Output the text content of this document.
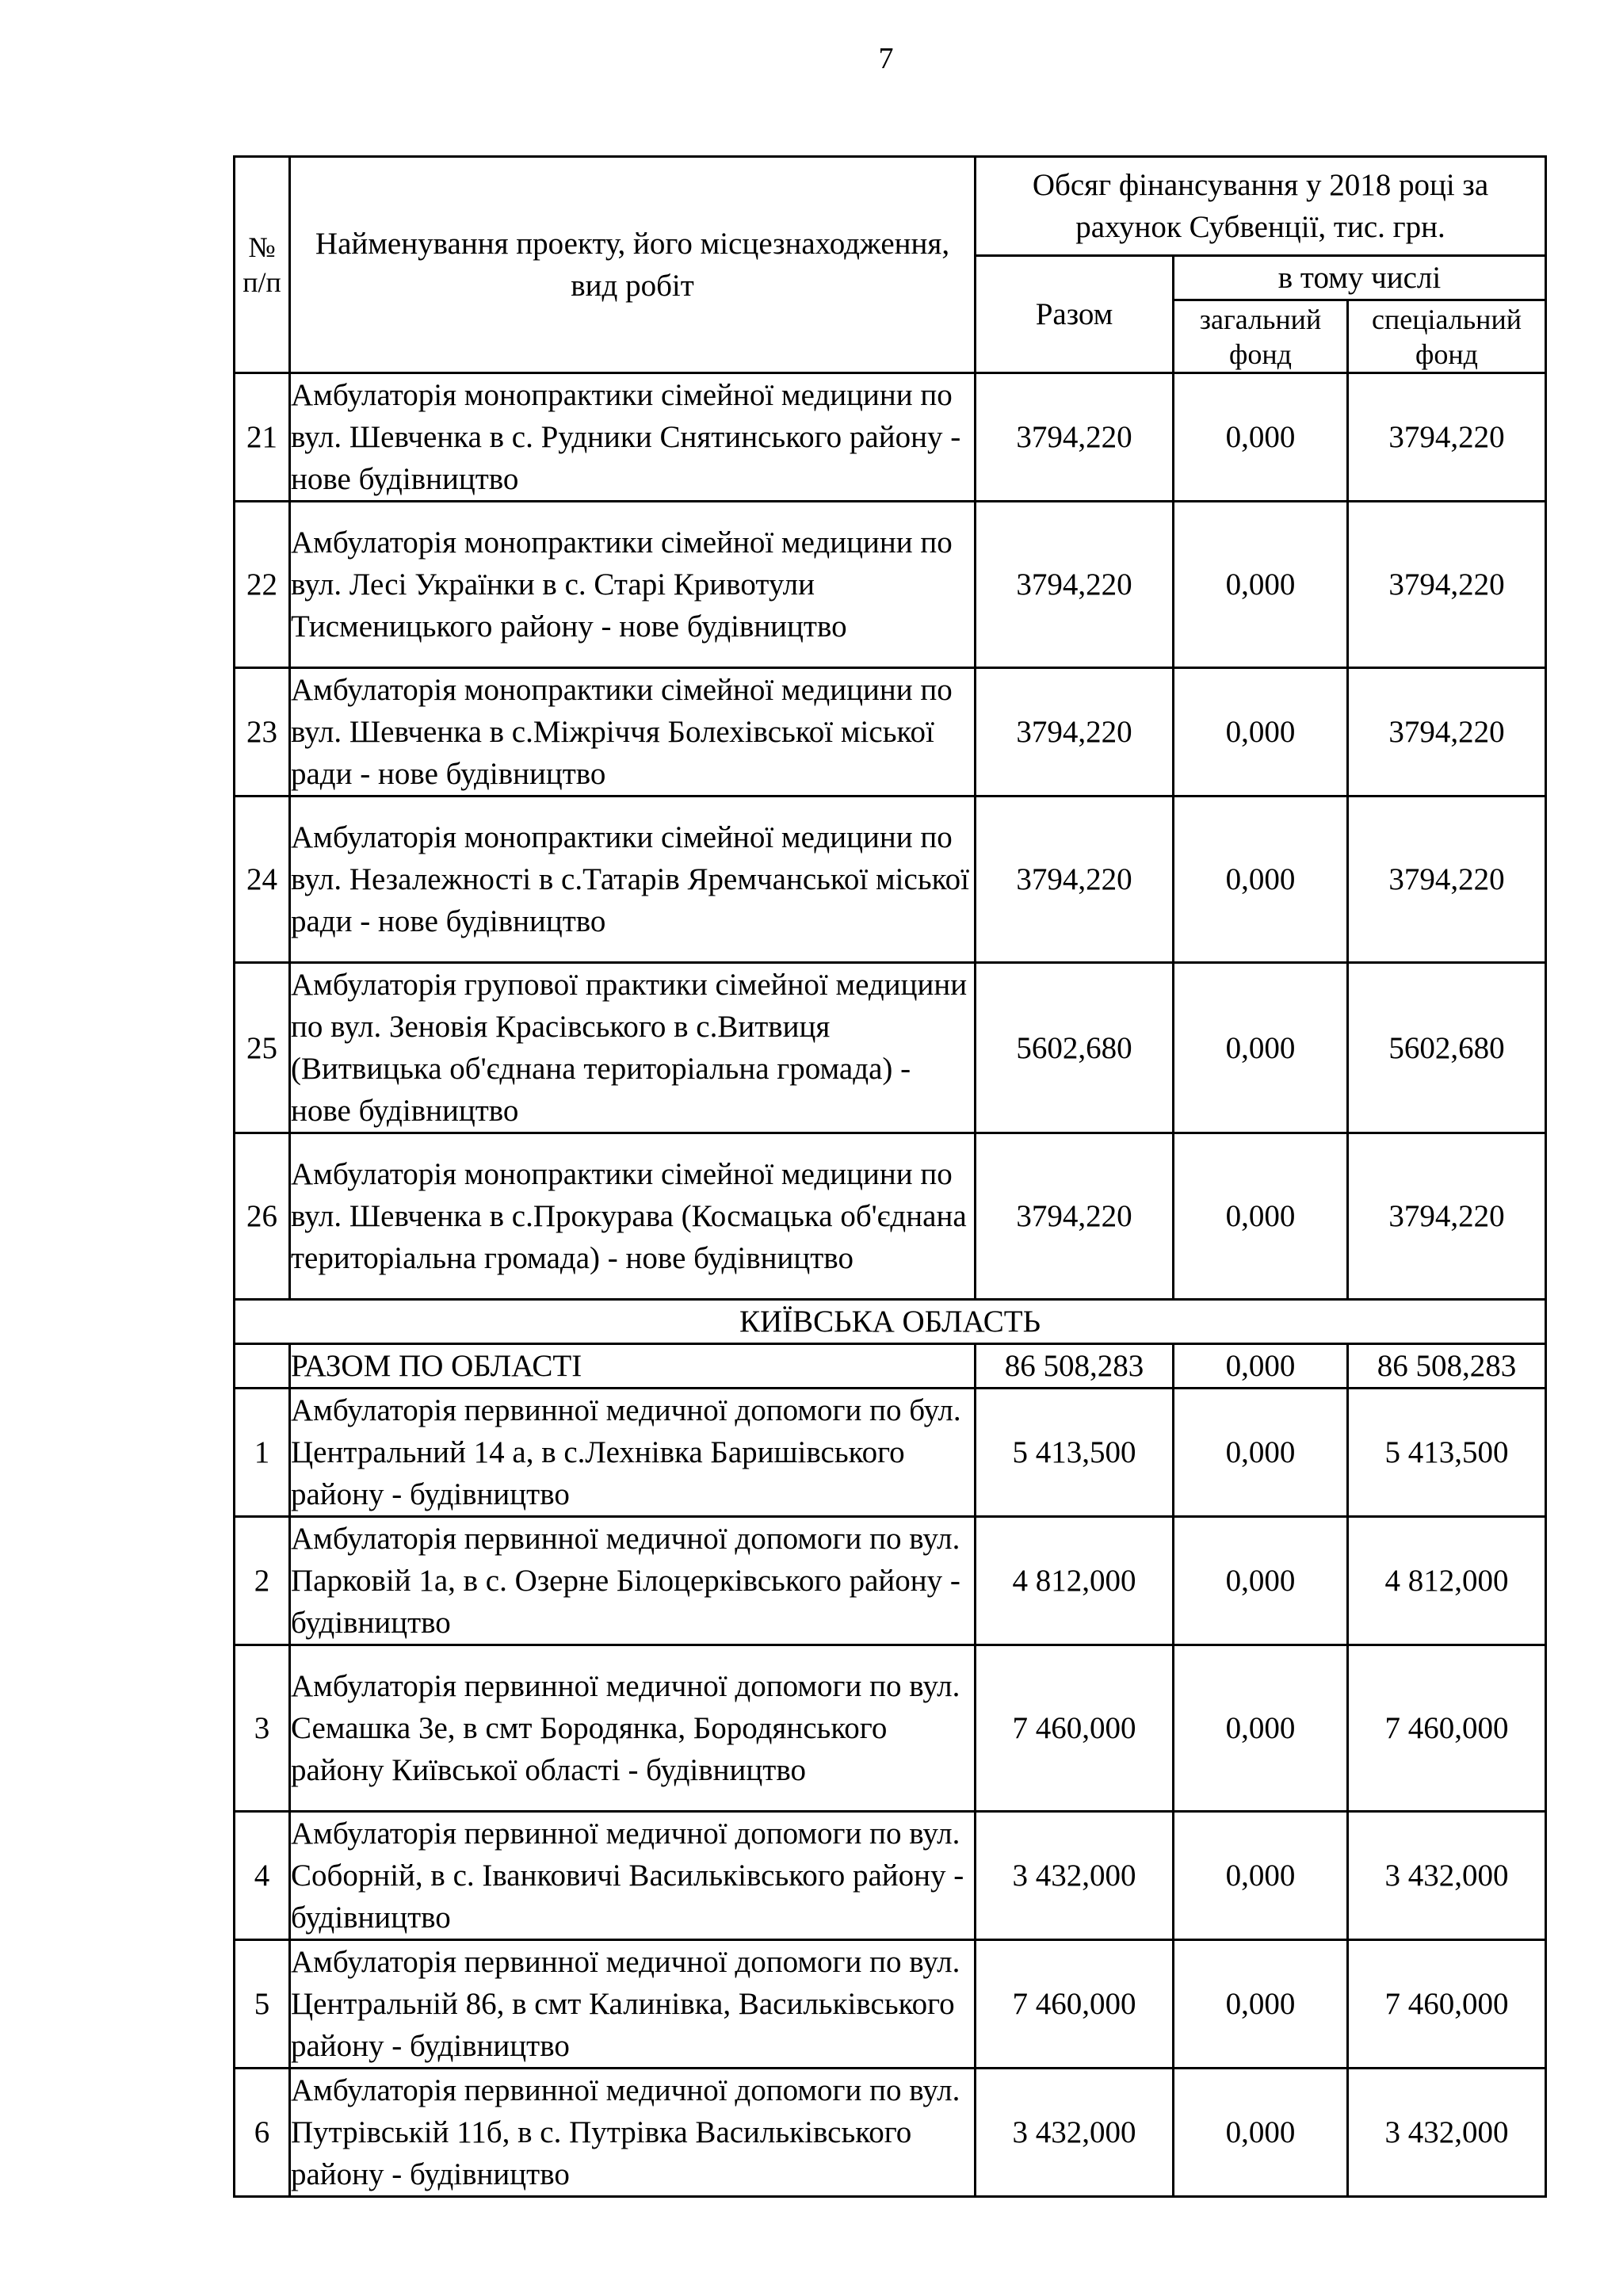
7
№ п/п	Найменування проекту, його місцезнаходження, вид робіт	Обсяг фінансування у 2018 році за рахунок Субвенції, тис. грн.		
		Разом	в тому числі	
			загальний фонд	спеціальний фонд
21	Амбулаторія монопрактики сімейної медицини по вул. Шевченка в с. Рудники Снятинського району - нове будівництво	3794,220	0,000	3794,220
22	Амбулаторія монопрактики сімейної медицини по вул. Лесі Українки в с. Старі Кривотули Тисменицького району - нове будівництво	3794,220	0,000	3794,220
23	Амбулаторія монопрактики сімейної медицини по вул. Шевченка в с.Міжріччя Болехівської міської ради - нове будівництво	3794,220	0,000	3794,220
24	Амбулаторія монопрактики сімейної медицини по вул. Незалежності в с.Татарів Яремчанської міської ради - нове будівництво	3794,220	0,000	3794,220
25	Амбулаторія групової практики сімейної медицини по вул. Зеновія Красівського в с.Витвиця (Витвицька об'єднана територіальна громада) - нове будівництво	5602,680	0,000	5602,680
26	Амбулаторія монопрактики сімейної медицини по вул. Шевченка в с.Прокурава (Космацька об'єднана територіальна громада) - нове будівництво	3794,220	0,000	3794,220
КИЇВСЬКА ОБЛАСТЬ				
	РАЗОМ ПО ОБЛАСТІ	86 508,283	0,000	86 508,283
1	Амбулаторія первинної медичної допомоги по бул. Центральний 14 а, в с.Лехнівка Баришівського району - будівництво	5 413,500	0,000	5 413,500
2	Амбулаторія первинної медичної допомоги по вул. Парковій 1а, в с. Озерне Білоцерківського району - будівництво	4 812,000	0,000	4 812,000
3	Амбулаторія первинної медичної допомоги по вул. Семашка 3е, в смт Бородянка, Бородянського району Київської області - будівництво	7 460,000	0,000	7 460,000
4	Амбулаторія первинної медичної допомоги по вул. Соборній, в с. Іванковичі Васильківського району - будівництво	3 432,000	0,000	3 432,000
5	Амбулаторія первинної медичної допомоги по вул. Центральній 86, в смт Калинівка, Васильківського району - будівництво	7 460,000	0,000	7 460,000
6	Амбулаторія первинної медичної допомоги по вул. Путрівській 11б, в с. Путрівка Васильківського району - будівництво	3 432,000	0,000	3 432,000
